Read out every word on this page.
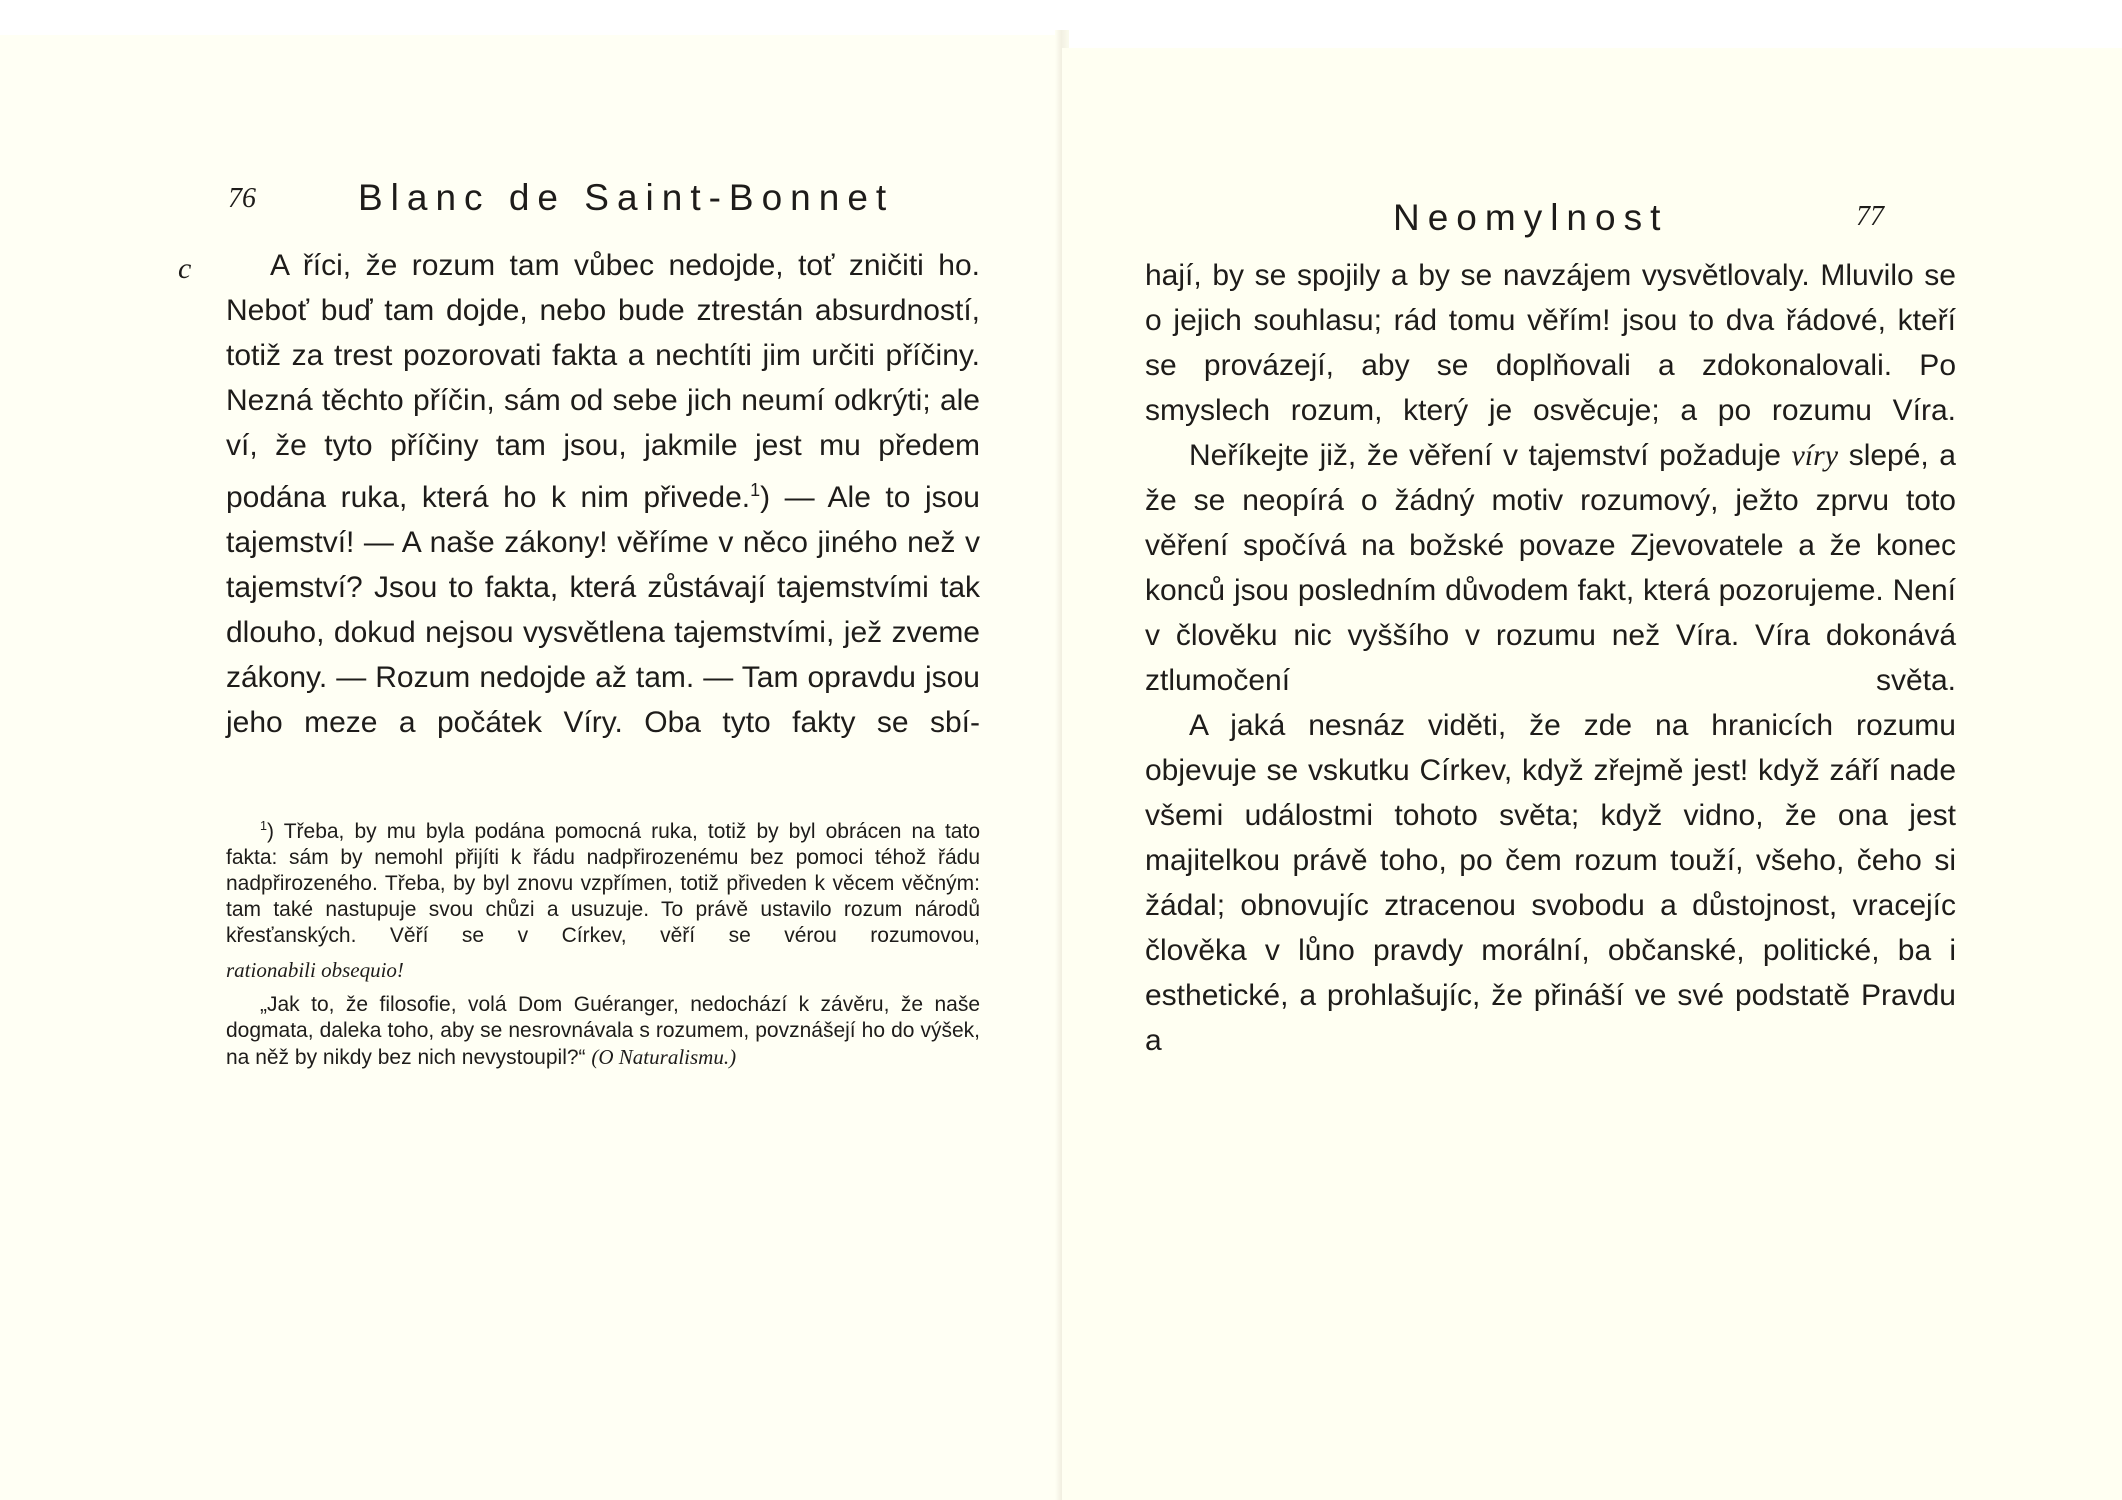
76	Blanc de Saint-Bonnet
c	A říci, že rozum tam vůbec nedojde, toť zničiti ho. Neboť buď tam dojde, nebo bude ztrestán absurdností, totiž za trest pozorovati fakta a nechtíti jim určiti příčiny. Nezná těchto příčin, sám od sebe jich neumí odkrýti; ale ví, že tyto příčiny tam jsou, jakmile jest mu předem podána ruka, která ho k nim přivede.$^1$) — Ale to jsou tajemství! — A naše zákony! věříme v něco jiného než v tajemství? Jsou to fakta, která zůstávají tajemstvími tak dlouho, dokud nejsou vysvětlena tajemstvími, jež zveme zákony. — Rozum nedojde až tam. — Tam opravdu jsou jeho meze a počátek Víry. Oba tyto fakty se sbí-

$^1$) Třeba, by mu byla podána pomocná ruka, totiž by byl obrácen na tato fakta: sám by nemohl přijíti k řádu nadpřirozenému bez pomoci téhož řádu nadpřirozeného. Třeba, by byl znovu vzpřímen, totiž přiveden k věcem věčným: tam také nastupuje svou chůzi a usuzuje. To právě ustavilo rozum národů křesťanských. Věří se v Církev, věří se vérou rozumovou,

rationabili obsequio!

„Jak to, že filosofie, volá Dom Guéranger, nedochází k závěru, že naše dogmata, daleka toho, aby se nesrovnávala s rozumem, povznášejí ho do výšek, na něž by nikdy bez nich nevystoupil?“ (O Naturalismu.)

Neomylnost	77

hají, by se spojily a by se navzájem vysvětlovaly. Mluvilo se o jejich souhlasu; rád tomu věřím! jsou to dva řádové, kteří se provázejí, aby se doplňovali a zdokonalovali. Po smyslech rozum, který je osvěcuje; a po rozumu Víra.

Neříkejte již, že věření v tajemství požaduje víry slepé, a že se neopírá o žádný motiv rozumový, ježto zprvu toto věření spočívá na božské povaze Zjevovatele a že konec konců jsou posledním důvodem fakt, která pozorujeme. Není v člověku nic vyššího v rozumu než Víra. Víra dokonává ztlumočení světa.

A jaká nesnáz viděti, že zde na hranicích rozumu objevuje se vskutku Církev, když zřejmě jest! když září nade všemi událostmi tohoto světa; když vidno, že ona jest majitelkou právě toho, po čem rozum touží, všeho, čeho si žádal; obnovujíc ztracenou svobodu a důstojnost, vracejíc člověka v lůno pravdy morální, občanské, politické, ba i esthetické, a prohlašujíc, že přináší ve své podstatě Pravdu a
